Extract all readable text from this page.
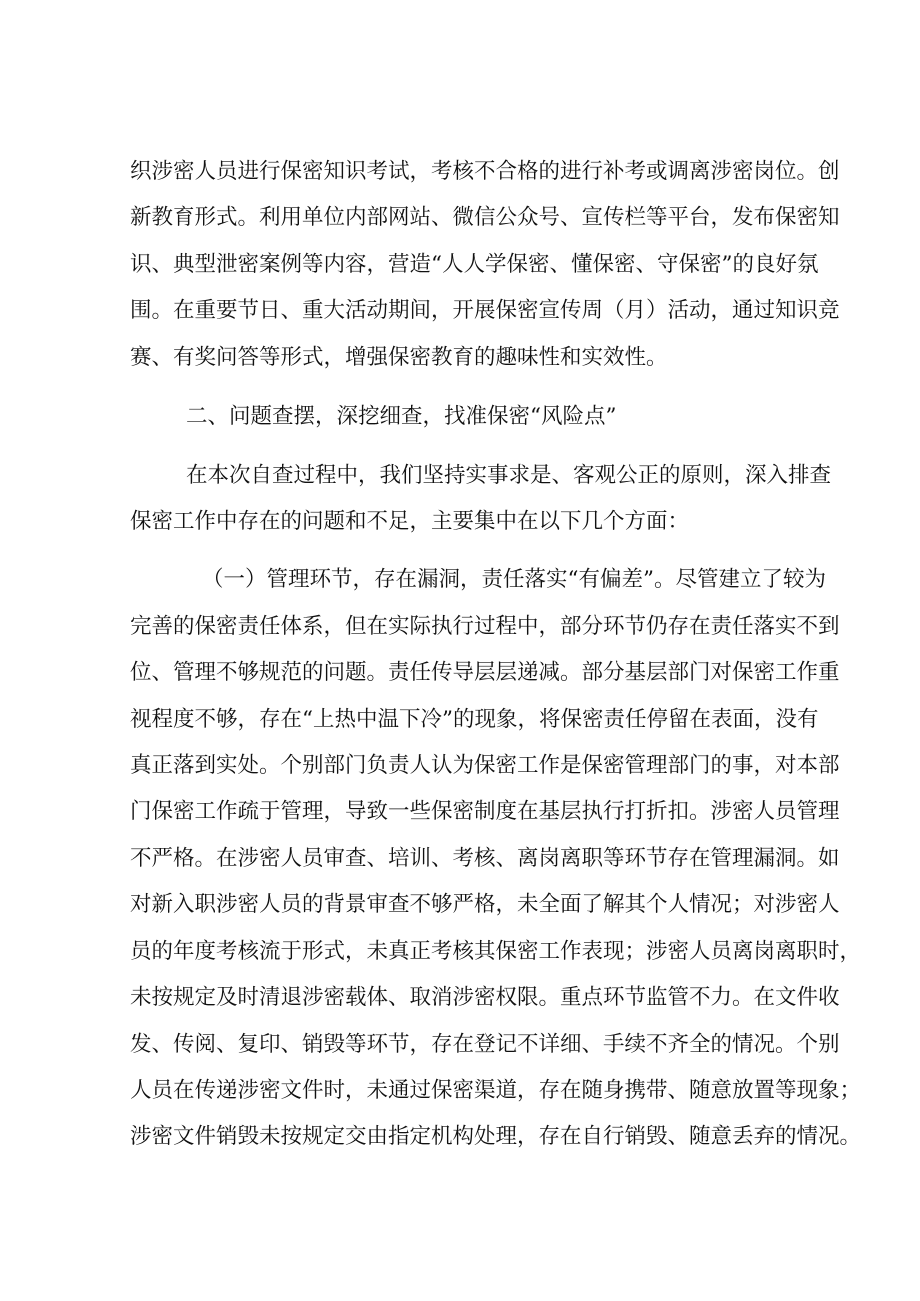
织涉密人员进行保密知识考试，考核不合格的进行补考或调离涉密岗位。创
新教育形式。利用单位内部网站、微信公众号、宣传栏等平台，发布保密知
识、典型泄密案例等内容，营造“人人学保密、懂保密、守保密”的良好氛
围。在重要节日、重大活动期间，开展保密宣传周（月）活动，通过知识竞
赛、有奖问答等形式，增强保密教育的趣味性和实效性。
二、问题查摆，深挖细查，找准保密“风险点”
在本次自查过程中，我们坚持实事求是、客观公正的原则，深入排查
保密工作中存在的问题和不足，主要集中在以下几个方面：
（一）管理环节，存在漏洞，责任落实“有偏差”。尽管建立了较为
完善的保密责任体系，但在实际执行过程中，部分环节仍存在责任落实不到
位、管理不够规范的问题。责任传导层层递减。部分基层部门对保密工作重
视程度不够，存在“上热中温下冷”的现象，将保密责任停留在表面，没有
真正落到实处。个别部门负责人认为保密工作是保密管理部门的事，对本部
门保密工作疏于管理，导致一些保密制度在基层执行打折扣。涉密人员管理
不严格。在涉密人员审查、培训、考核、离岗离职等环节存在管理漏洞。如
对新入职涉密人员的背景审查不够严格，未全面了解其个人情况；对涉密人
员的年度考核流于形式，未真正考核其保密工作表现；涉密人员离岗离职时，
未按规定及时清退涉密载体、取消涉密权限。重点环节监管不力。在文件收
发、传阅、复印、销毁等环节，存在登记不详细、手续不齐全的情况。个别
人员在传递涉密文件时，未通过保密渠道，存在随身携带、随意放置等现象；
涉密文件销毁未按规定交由指定机构处理，存在自行销毁、随意丢弃的情况。
